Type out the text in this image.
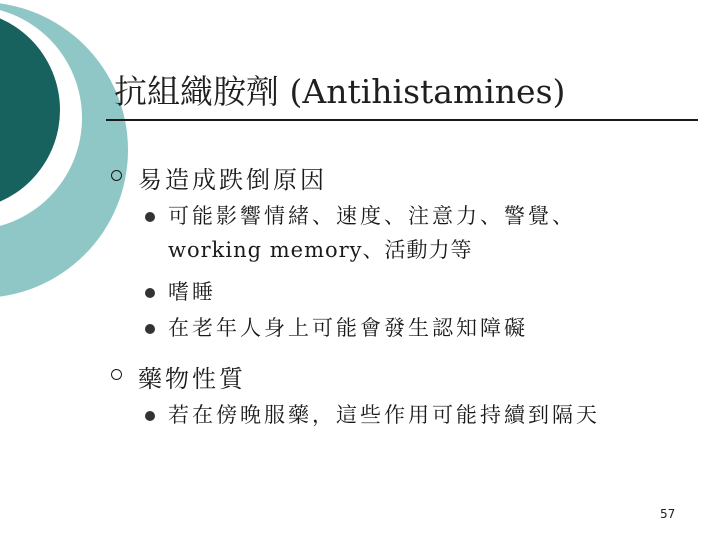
抗組織胺劑 (Antihistamines)
易造成跌倒原因
可能影響情緒、速度、注意力、警覺、
working memory、活動力等
嗜睡
在老年人身上可能會發生認知障礙
藥物性質
若在傍晚服藥，這些作用可能持續到隔天
57
